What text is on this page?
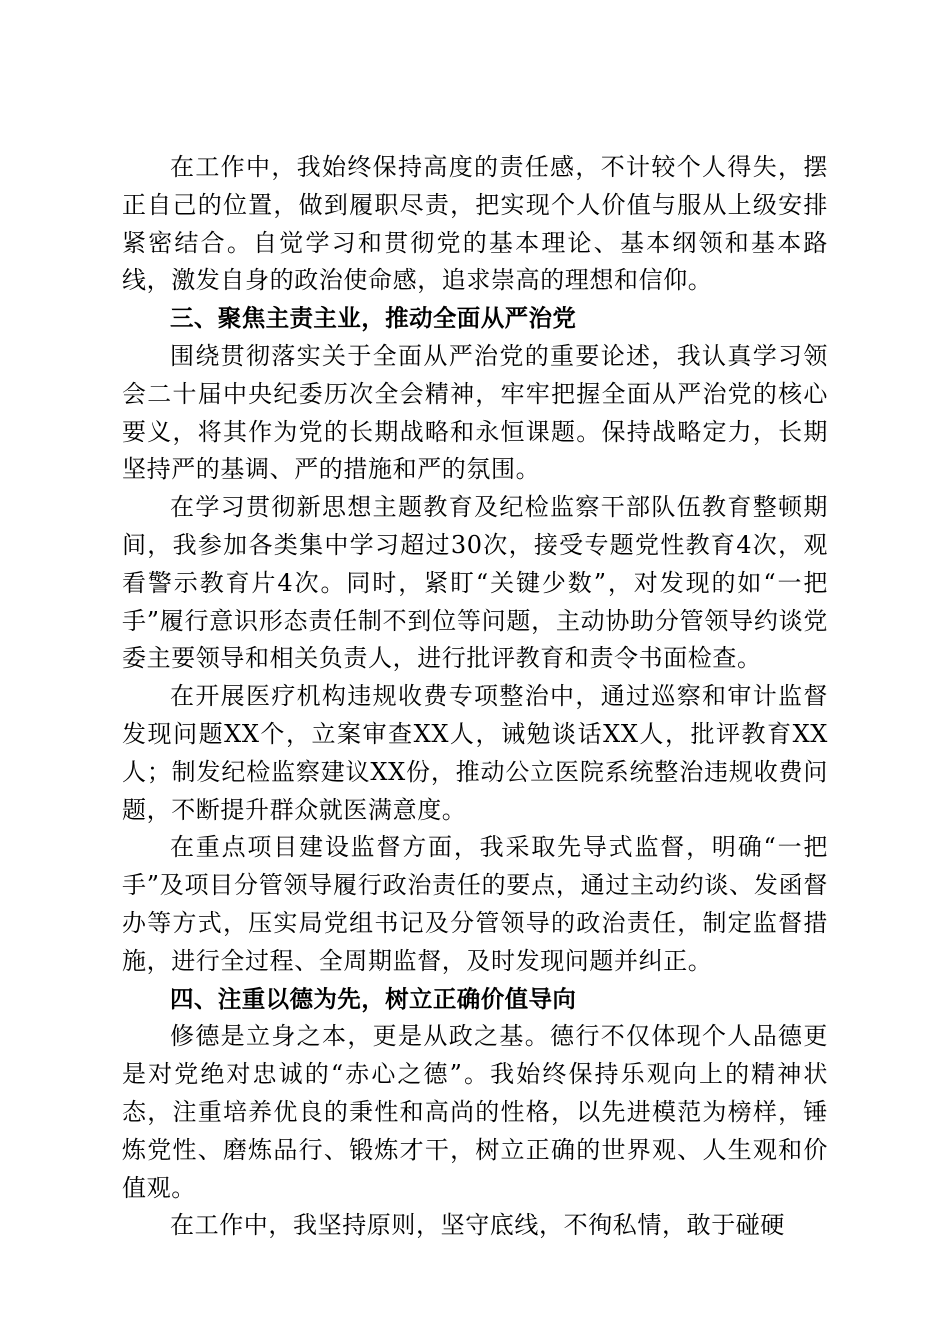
在工作中，我始终保持高度的责任感，不计较个人得失，摆正自己的位置，做到履职尽责，把实现个人价值与服从上级安排紧密结合。自觉学习和贯彻党的基本理论、基本纲领和基本路线，激发自身的政治使命感，追求崇高的理想和信仰。

三、聚焦主责主业，推动全面从严治党

围绕贯彻落实关于全面从严治党的重要论述，我认真学习领会二十届中央纪委历次全会精神，牢牢把握全面从严治党的核心要义，将其作为党的长期战略和永恒课题。保持战略定力，长期坚持严的基调、严的措施和严的氛围。

在学习贯彻新思想主题教育及纪检监察干部队伍教育整顿期间，我参加各类集中学习超过30次，接受专题党性教育4次，观看警示教育片4次。同时，紧盯“关键少数”，对发现的如“一把手”履行意识形态责任制不到位等问题，主动协助分管领导约谈党委主要领导和相关负责人，进行批评教育和责令书面检查。

在开展医疗机构违规收费专项整治中，通过巡察和审计监督发现问题XX个，立案审查XX人，诫勉谈话XX人，批评教育XX人；制发纪检监察建议XX份，推动公立医院系统整治违规收费问题，不断提升群众就医满意度。

在重点项目建设监督方面，我采取先导式监督，明确“一把手”及项目分管领导履行政治责任的要点，通过主动约谈、发函督办等方式，压实局党组书记及分管领导的政治责任，制定监督措施，进行全过程、全周期监督，及时发现问题并纠正。

四、注重以德为先，树立正确价值导向

修德是立身之本，更是从政之基。德行不仅体现个人品德更是对党绝对忠诚的“赤心之德”。我始终保持乐观向上的精神状态，注重培养优良的秉性和高尚的性格，以先进模范为榜样，锤炼党性、磨炼品行、锻炼才干，树立正确的世界观、人生观和价值观。

在工作中，我坚持原则，坚守底线，不徇私情，敢于碰硬
